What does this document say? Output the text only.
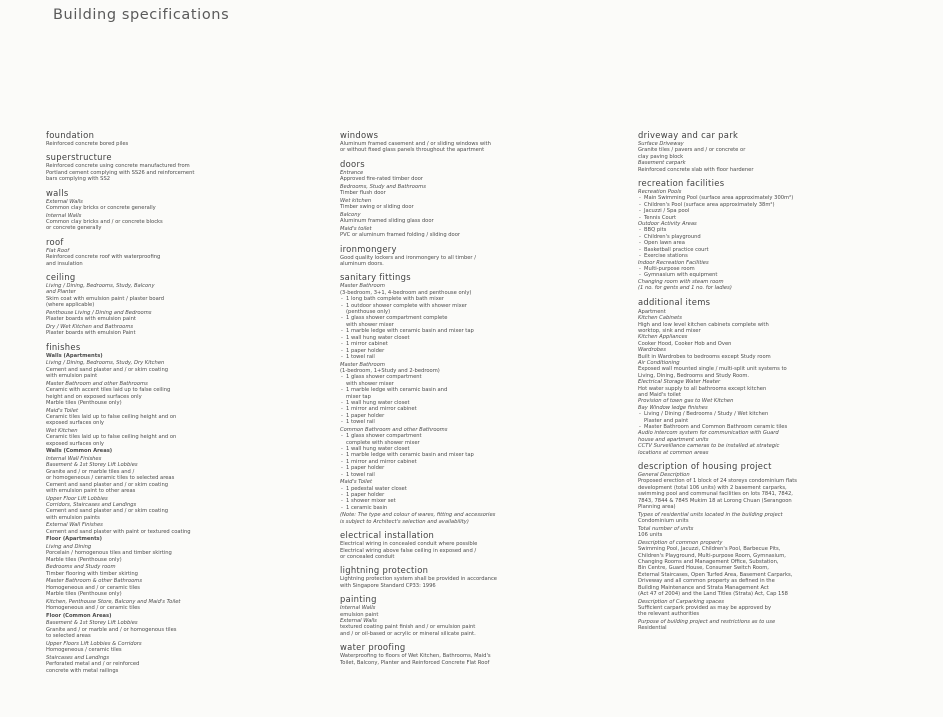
Building specifications
foundation
Reinforced concrete bored piles
superstructure
Reinforced concrete using concrete manufactured from
Portland cement complying with SS26 and reinforcement
bars complying with SS2
walls
External Walls
Common clay bricks or concrete generally
Internal Walls
Common clay bricks and / or concrete blocks
or concrete generally
roof
Flat Roof
Reinforced concrete roof with waterproofing
and insulation
ceiling
Living / Dining, Bedrooms, Study, Balcony
and Planter
Skim coat with emulsion paint / plaster board
(where applicable)
Penthouse Living / Dining and Bedrooms
Plaster boards with emulsion paint
Dry / Wet Kitchen and Bathrooms
Plaster boards with emulsion Paint
finishes
Walls (Apartments)
Living / Dining, Bedrooms, Study, Dry Kitchen
Cement and sand plaster and / or skim coating
with emulsion paint
Master Bathroom and other Bathrooms
Ceramic with accent tiles laid up to false ceiling
height and on exposed surfaces only
Marble tiles (Penthouse only)
Maid's Toilet
Ceramic tiles laid up to false ceiling height and on
exposed surfaces only
Wet Kitchen
Ceramic tiles laid up to false ceiling height and on
exposed surfaces only
Walls (Common Areas)
Internal Wall Finishes
Basement & 1st Storey Lift Lobbies
Granite and / or marble tiles and /
or homogeneous / ceramic tiles to selected areas
Cement and sand plaster and / or skim coating
with emulsion paint to other areas
Upper Floor Lift Lobbies
Corridors, Staircases and Landings
Cement and sand plaster and / or skim coating
with emulsion paints
External Wall Finishes
Cement and sand plaster with paint or textured coating
Floor (Apartments)
Living and Dining
Porcelain / homogenous tiles and timber skirting
Marble tiles (Penthouse only)
Bedrooms and Study room
Timber flooring with timber skirting
Master Bathroom & other Bathrooms
Homogeneous and / or ceramic tiles
Marble tiles (Penthouse only)
Kitchen, Penthouse Store, Balcony and Maid's Toilet
Homogeneous and / or ceramic tiles
Floor (Common Areas)
Basement & 1st Storey Lift Lobbies
Granite and / or marble and / or homogenous tiles
to selected areas
Upper Floors Lift Lobbies & Corridors
Homogeneous / ceramic tiles
Staircases and Landings
Perforated metal and / or reinforced
concrete with metal railings
windows
Aluminum framed casement and / or sliding windows with
or without fixed glass panels throughout the apartment
doors
Entrance
Approved fire-rated timber door
Bedrooms, Study and Bathrooms
Timber flush door
Wet kitchen
Timber swing or sliding door
Balcony
Aluminum framed sliding glass door
Maid's toilet
PVC or aluminum framed folding / sliding door
ironmongery
Good quality lockers and ironmongery to all timber /
aluminum doors.
sanitary fittings
Master Bathroom
(3-bedroom, 3+1, 4-bedroom and penthouse only)
- 1 long bath complete with bath mixer
- 1 outdoor shower complete with shower mixer
(penthouse only)
- 1 glass shower compartment complete
with shower mixer
- 1 marble ledge with ceramic basin and mixer tap
- 1 wall hung water closet
- 1 mirror cabinet
- 1 paper holder
- 1 towel rail
Master Bathroom
(1-bedroom, 1+Study and 2-bedroom)
- 1 glass shower compartment
with shower mixer
- 1 marble ledge with ceramic basin and
mixer tap
- 1 wall hung water closet
- 1 mirror and mirror cabinet
- 1 paper holder
- 1 towel rail
Common Bathroom and other Bathrooms
- 1 glass shower compartment
complete with shower mixer
- 1 wall hung water closet
- 1 marble ledge with ceramic basin and mixer tap
- 1 mirror and mirror cabinet
- 1 paper holder
- 1 towel rail
Maid's Toilet
- 1 pedestal water closet
- 1 paper holder
- 1 shower mixer set
- 1 ceramic basin
(Note: The type and colour of wares, fitting and accessories
is subject to Architect's selection and availability)
electrical installation
Electrical wiring in concealed conduit where possible
Electrical wiring above false ceiling in exposed and /
or concealed conduit
lightning protection
Lightning protection system shall be provided in accordance
with Singapore Standard CP33: 1996
painting
Internal Walls
emulsion paint
External Walls
textured coating paint finish and / or emulsion paint
and / or oil-based or acrylic or mineral silicate paint.
water proofing
Waterproofing to floors of Wet Kitchen, Bathrooms, Maid's
Toilet, Balcony, Planter and Reinforced Concrete Flat Roof
driveway and car park
Surface Driveway
Granite tiles / pavers and / or concrete or
clay paving block
Basement carpark
Reinforced concrete slab with floor hardener
recreation facilities
Recreation Pools
- Main Swimming Pool (surface area approximately 300m²)
- Children's Pool (surface area approximately 38m²)
- Jacuzzi / Spa pool
- Tennis Court
Outdoor Activity Areas
- BBQ pits
- Children's playground
- Open lawn area
- Basketball practice court
- Exercise stations
Indoor Recreation Facilities
- Multi-purpose room
- Gymnasium with equipment
Changing room with steam room
(1 no. for gents and 1 no. for ladies)
additional items
Apartment
Kitchen Cabinets
High and low level kitchen cabinets complete with
worktop, sink and mixer
Kitchen Appliances
Cooker Hood, Cooker Hob and Oven
Wardrobes
Built in Wardrobes to bedrooms except Study room
Air Conditioning
Exposed wall mounted single / multi-split unit systems to
Living, Dining, Bedrooms and Study Room.
Electrical Storage Water Heater
Hot water supply to all bathrooms except kitchen
and Maid's toilet
Provision of town gas to Wet Kitchen
Bay Window ledge finishes
- Living / Dining / Bedrooms / Study / Wet kitchen
Plaster and paint
- Master Bathroom and Common Bathroom ceramic tiles
Audio intercom system for communication with Guard
house and apartment units
CCTV Surveillance cameras to be installed at strategic
locations at common areas
description of housing project
General Description
Proposed erection of 1 block of 24 storeys condominium flats
development (total 106 units) with 2 basement carparks,
swimming pool and communal facilities on lots 7841, 7842,
7843, 7844 & 7845 Mukim 18 at Lorong Chuan (Serangoon
Planning area)
Types of residential units located in the building project
Condominium units
Total number of units
106 units
Description of common property
Swimming Pool, Jacuzzi, Children's Pool, Barbecue Pits,
Children's Playground, Multi-purpose Room, Gymnasium,
Changing Rooms and Management Office, Substation,
Bin Centre, Guard House, Consumer Switch Room,
External Staircases, Open Turfed Area, Basement Carparks,
Driveway and all common property as defined in the
Building Maintenance and Strata Management Act
(Act 47 of 2004) and the Land Titles (Strata) Act, Cap 158
Description of Carparking spaces
Sufficient carpark provided as may be approved by
the relevant authorities
Purpose of building project and restrictions as to use
Residential
